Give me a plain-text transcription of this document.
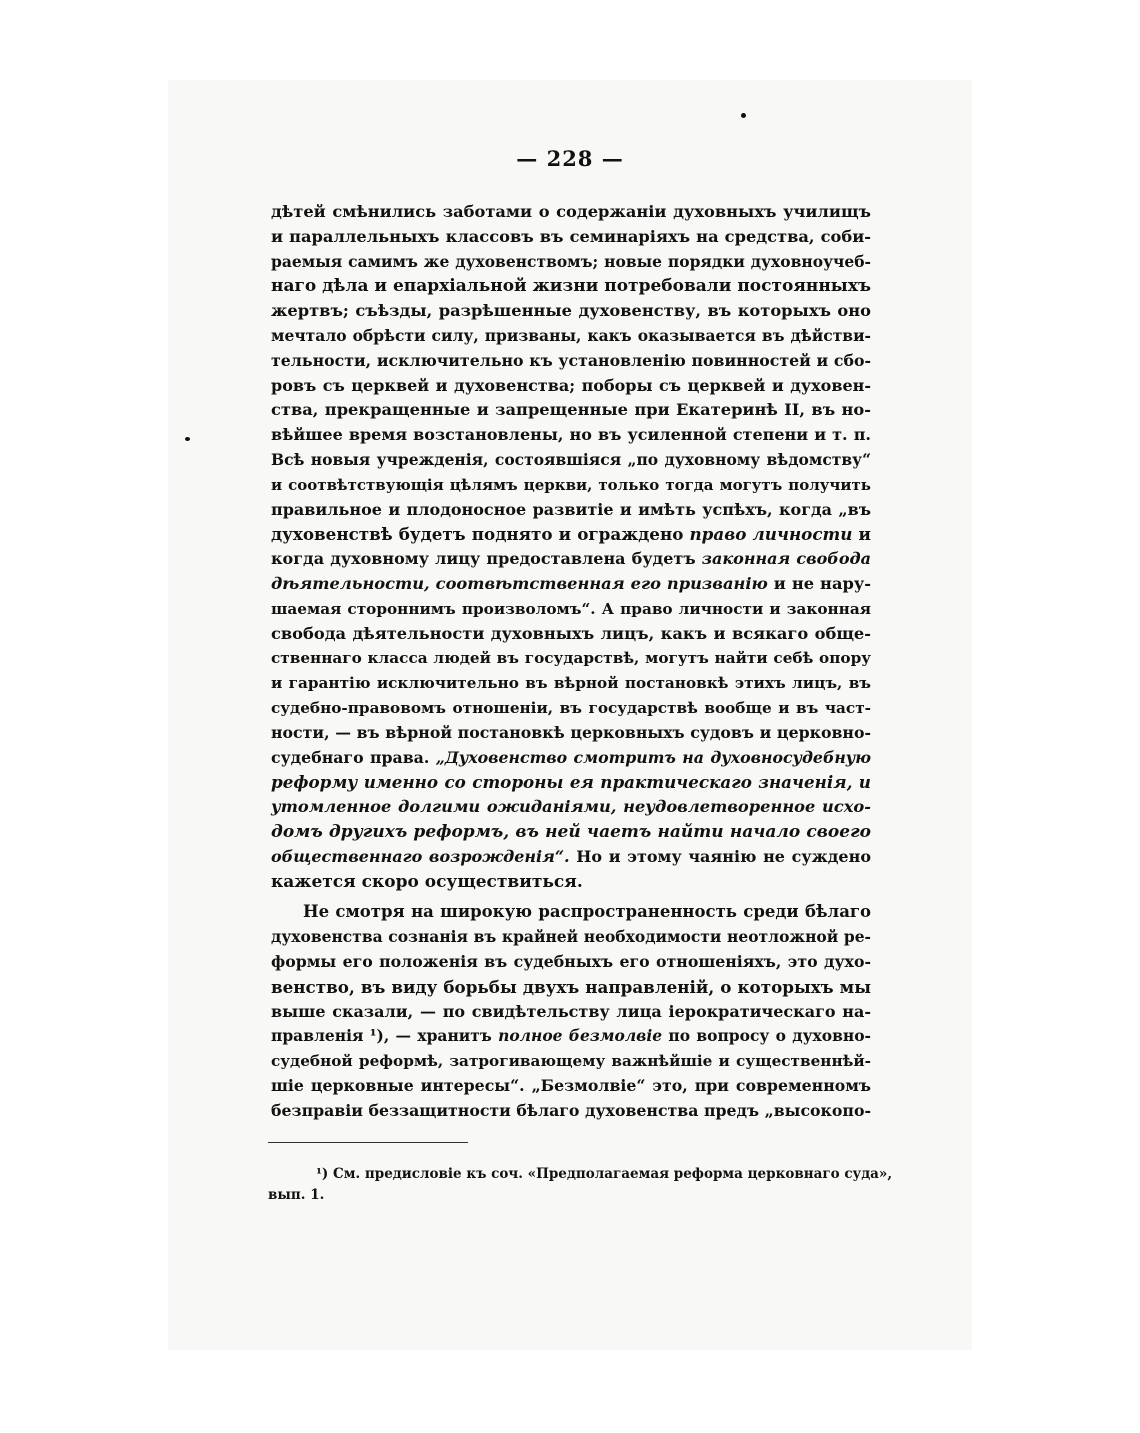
— 228 —
дѣтей смѣнились заботами о содержаніи духовныхъ училищъ
и параллельныхъ классовъ въ семинаріяхъ на средства, соби-
раемыя самимъ же духовенствомъ; новые порядки духовноучеб-
наго дѣла и епархіальной жизни потребовали постоянныхъ
жертвъ; съѣзды, разрѣшенные духовенству, въ которыхъ оно
мечтало обрѣсти силу, призваны, какъ оказывается въ дѣйстви-
тельности, исключительно къ установленію повинностей и сбо-
ровъ съ церквей и духовенства; поборы съ церквей и духовен-
ства, прекращенные и запрещенные при Екатеринѣ II, въ но-
вѣйшее время возстановлены, но въ усиленной степени и т. п.
Всѣ новыя учрежденія, состоявшіяся „по духовному вѣдомству“
и соотвѣтствующія цѣлямъ церкви, только тогда могутъ получить
правильное и плодоносное развитіе и имѣть успѣхъ, когда „въ
духовенствѣ будетъ поднято и ограждено право личности и
когда духовному лицу предоставлена будетъ законная свобода
дѣятельности, соотвѣтственная его призванію и не нару-
шаемая стороннимъ произволомъ“. А право личности и законная
свобода дѣятельности духовныхъ лицъ, какъ и всякаго обще-
ственнаго класса людей въ государствѣ, могутъ найти себѣ опору
и гарантію исключительно въ вѣрной постановкѣ этихъ лицъ, въ
судебно-правовомъ отношеніи, въ государствѣ вообще и въ част-
ности, — въ вѣрной постановкѣ церковныхъ судовъ и церковно-
судебнаго права. „Духовенство смотритъ на духовносудебную
реформу именно со стороны ея практическаго значенія, и
утомленное долгими ожиданіями, неудовлетворенное исхо-
домъ другихъ реформъ, въ ней чаетъ найти начало своего
общественнаго возрожденія“. Но и этому чаянію не суждено
кажется скоро осуществиться.
Не смотря на широкую распространенность среди бѣлаго
духовенства сознанія въ крайней необходимости неотложной ре-
формы его положенія въ судебныхъ его отношеніяхъ, это духо-
венство, въ виду борьбы двухъ направленій, о которыхъ мы
выше сказали, — по свидѣтельству лица іерократическаго на-
правленія ¹), — хранитъ полное безмолвіе по вопросу о духовно-
судебной реформѣ, затрогивающему важнѣйшіе и существеннѣй-
шіе церковные интересы“. „Безмолвіе“ это, при современномъ
безправіи беззащитности бѣлаго духовенства предъ „высокопо-
¹) См. предисловіе къ соч. «Предполагаемая реформа церковнаго суда»,
вып. 1.
